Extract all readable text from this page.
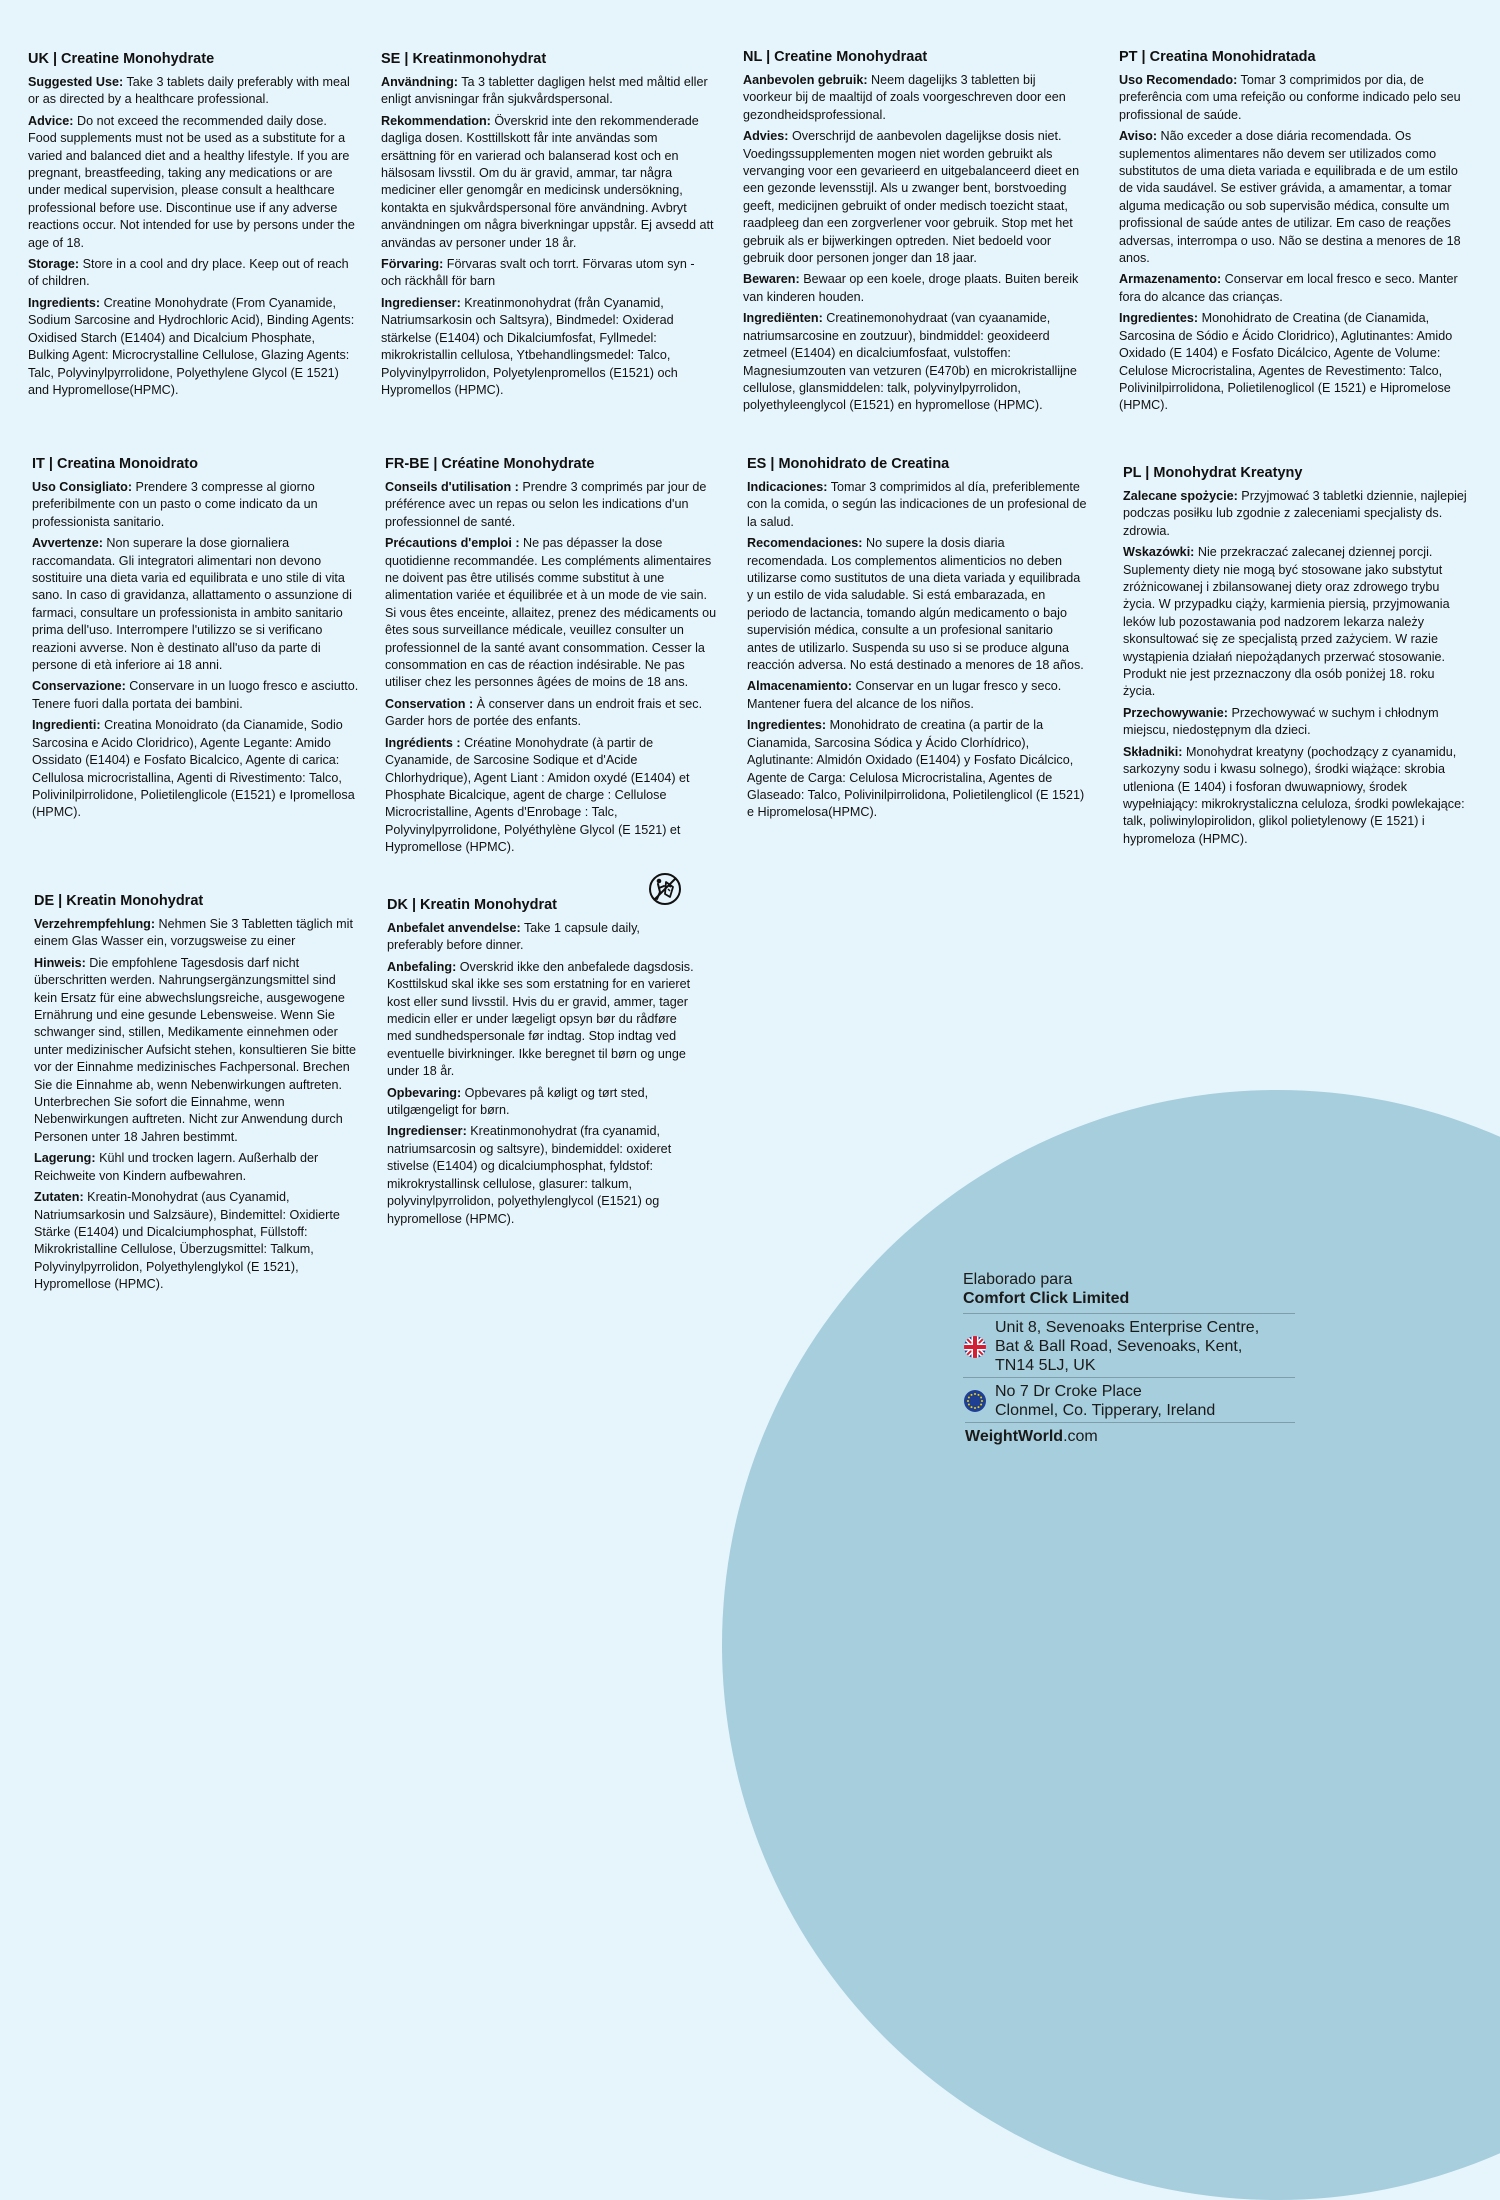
UK | Creatine Monohydrate

Suggested Use: Take 3 tablets daily preferably with meal or as directed by a healthcare professional.

Advice: Do not exceed the recommended daily dose. Food supplements must not be used as a substitute for a varied and balanced diet and a healthy lifestyle. If you are pregnant, breastfeeding, taking any medications or are under medical supervision, please consult a healthcare professional before use. Discontinue use if any adverse reactions occur. Not intended for use by persons under the age of 18.

Storage: Store in a cool and dry place. Keep out of reach of children.

Ingredients: Creatine Monohydrate (From Cyanamide, Sodium Sarcosine and Hydrochloric Acid), Binding Agents: Oxidised Starch (E1404) and Dicalcium Phosphate, Bulking Agent: Microcrystalline Cellulose, Glazing Agents: Talc, Polyvinylpyrrolidone, Polyethylene Glycol (E 1521) and Hypromellose(HPMC).

SE | Kreatinmonohydrat

Användning: Ta 3 tabletter dagligen helst med måltid eller enligt anvisningar från sjukvårdspersonal.

Rekommendation: Överskrid inte den rekommenderade dagliga dosen. Kosttillskott får inte användas som ersättning för en varierad och balanserad kost och en hälsosam livsstil. Om du är gravid, ammar, tar några mediciner eller genomgår en medicinsk undersökning, kontakta en sjukvårdspersonal före användning. Avbryt användningen om några biverkningar uppstår. Ej avsedd att användas av personer under 18 år.

Förvaring: Förvaras svalt och torrt. Förvaras utom syn - och räckhåll för barn

Ingredienser: Kreatinmonohydrat (från Cyanamid, Natriumsarkosin och Saltsyra), Bindmedel: Oxiderad stärkelse (E1404) och Dikalciumfosfat, Fyllmedel: mikrokristallin cellulosa, Ytbehandlingsmedel: Talco, Polyvinylpyrrolidon, Polyetylenpromellos (E1521) och Hypromellos (HPMC).

NL | Creatine Monohydraat

Aanbevolen gebruik: Neem dagelijks 3 tabletten bij voorkeur bij de maaltijd of zoals voorgeschreven door een gezondheidsprofessional.

Advies: Overschrijd de aanbevolen dagelijkse dosis niet. Voedingssupplementen mogen niet worden gebruikt als vervanging voor een gevarieerd en uitgebalanceerd dieet en een gezonde levensstijl. Als u zwanger bent, borstvoeding geeft, medicijnen gebruikt of onder medisch toezicht staat, raadpleeg dan een zorgverlener voor gebruik. Stop met het gebruik als er bijwerkingen optreden. Niet bedoeld voor gebruik door personen jonger dan 18 jaar.

Bewaren: Bewaar op een koele, droge plaats. Buiten bereik van kinderen houden.

Ingrediënten: Creatinemonohydraat (van cyaanamide, natriumsarcosine en zoutzuur), bindmiddel: geoxideerd zetmeel (E1404) en dicalciumfosfaat, vulstoffen: Magnesiumzouten van vetzuren (E470b) en microkristallijne cellulose, glansmiddelen: talk, polyvinylpyrrolidon, polyethyleenglycol (E1521) en hypromellose (HPMC).

PT | Creatina Monohidratada

Uso Recomendado: Tomar 3 comprimidos por dia, de preferência com uma refeição ou conforme indicado pelo seu profissional de saúde.

Aviso: Não exceder a dose diária recomendada. Os suplementos alimentares não devem ser utilizados como substitutos de uma dieta variada e equilibrada e de um estilo de vida saudável. Se estiver grávida, a amamentar, a tomar alguma medicação ou sob supervisão médica, consulte um profissional de saúde antes de utilizar. Em caso de reações adversas, interrompa o uso. Não se destina a menores de 18 anos.

Armazenamento: Conservar em local fresco e seco. Manter fora do alcance das crianças.

Ingredientes: Monohidrato de Creatina (de Cianamida, Sarcosina de Sódio e Ácido Cloridrico), Aglutinantes: Amido Oxidado (E 1404) e Fosfato Dicálcico, Agente de Volume: Celulose Microcristalina, Agentes de Revestimento: Talco, Polivinilpirrolidona, Polietilenoglicol (E 1521) e Hipromelose (HPMC).

IT | Creatina Monoidrato

Uso Consigliato: Prendere 3 compresse al giorno preferibilmente con un pasto o come indicato da un professionista sanitario.

Avvertenze: Non superare la dose giornaliera raccomandata. Gli integratori alimentari non devono sostituire una dieta varia ed equilibrata e uno stile di vita sano. In caso di gravidanza, allattamento o assunzione di farmaci, consultare un professionista in ambito sanitario prima dell'uso. Interrompere l'utilizzo se si verificano reazioni avverse. Non è destinato all'uso da parte di persone di età inferiore ai 18 anni.

Conservazione: Conservare in un luogo fresco e asciutto. Tenere fuori dalla portata dei bambini.

Ingredienti: Creatina Monoidrato (da Cianamide, Sodio Sarcosina e Acido Cloridrico), Agente Legante: Amido Ossidato (E1404) e Fosfato Bicalcico, Agente di carica: Cellulosa microcristallina, Agenti di Rivestimento: Talco, Polivinilpirrolidone, Polietilenglicole (E1521) e Ipromellosa (HPMC).

FR-BE | Créatine Monohydrate

Conseils d'utilisation : Prendre 3 comprimés par jour de préférence avec un repas ou selon les indications d'un professionnel de santé.

Précautions d'emploi : Ne pas dépasser la dose quotidienne recommandée. Les compléments alimentaires ne doivent pas être utilisés comme substitut à une alimentation variée et équilibrée et à un mode de vie sain. Si vous êtes enceinte, allaitez, prenez des médicaments ou êtes sous surveillance médicale, veuillez consulter un professionnel de la santé avant consommation. Cesser la consommation en cas de réaction indésirable. Ne pas utiliser chez les personnes âgées de moins de 18 ans.

Conservation : À conserver dans un endroit frais et sec. Garder hors de portée des enfants.

Ingrédients : Créatine Monohydrate (à partir de Cyanamide, de Sarcosine Sodique et d'Acide Chlorhydrique), Agent Liant : Amidon oxydé (E1404) et Phosphate Bicalcique, agent de charge : Cellulose Microcristalline, Agents d'Enrobage : Talc, Polyvinylpyrrolidone, Polyéthylène Glycol (E 1521) et Hypromellose (HPMC).

ES | Monohidrato de Creatina

Indicaciones: Tomar 3 comprimidos al día, preferiblemente con la comida, o según las indicaciones de un profesional de la salud.

Recomendaciones: No supere la dosis diaria recomendada. Los complementos alimenticios no deben utilizarse como sustitutos de una dieta variada y equilibrada y un estilo de vida saludable. Si está embarazada, en periodo de lactancia, tomando algún medicamento o bajo supervisión médica, consulte a un profesional sanitario antes de utilizarlo. Suspenda su uso si se produce alguna reacción adversa. No está destinado a menores de 18 años.

Almacenamiento: Conservar en un lugar fresco y seco. Mantener fuera del alcance de los niños.

Ingredientes: Monohidrato de creatina (a partir de la Cianamida, Sarcosina Sódica y Ácido Clorhídrico), Aglutinante: Almidón Oxidado (E1404) y Fosfato Dicálcico, Agente de Carga: Celulosa Microcristalina, Agentes de Glaseado: Talco, Polivinilpirrolidona, Polietilenglicol (E 1521) e Hipromelosa(HPMC).

PL | Monohydrat Kreatyny

Zalecane spożycie: Przyjmować 3 tabletki dziennie, najlepiej podczas posiłku lub zgodnie z zaleceniami specjalisty ds. zdrowia.

Wskazówki: Nie przekraczać zalecanej dziennej porcji. Suplementy diety nie mogą być stosowane jako substytut zróżnicowanej i zbilansowanej diety oraz zdrowego trybu życia. W przypadku ciąży, karmienia piersią, przyjmowania leków lub pozostawania pod nadzorem lekarza należy skonsultować się ze specjalistą przed zażyciem. W razie wystąpienia działań niepożądanych przerwać stosowanie. Produkt nie jest przeznaczony dla osób poniżej 18. roku życia.

Przechowywanie: Przechowywać w suchym i chłodnym miejscu, niedostępnym dla dzieci.

Składniki: Monohydrat kreatyny (pochodzący z cyanamidu, sarkozyny sodu i kwasu solnego), środki wiążące: skrobia utleniona (E 1404) i fosforan dwuwapniowy, środek wypełniający: mikrokrystaliczna celuloza, środki powlekające: talk, poliwinylopirolidon, glikol polietylenowy (E 1521) i hypromeloza (HPMC).

DE | Kreatin Monohydrat

Verzehrempfehlung: Nehmen Sie 3 Tabletten täglich mit einem Glas Wasser ein, vorzugsweise zu einer

Hinweis: Die empfohlene Tagesdosis darf nicht überschritten werden. Nahrungsergänzungsmittel sind kein Ersatz für eine abwechslungsreiche, ausgewogene Ernährung und eine gesunde Lebensweise. Wenn Sie schwanger sind, stillen, Medikamente einnehmen oder unter medizinischer Aufsicht stehen, konsultieren Sie bitte vor der Einnahme medizinisches Fachpersonal. Brechen Sie die Einnahme ab, wenn Nebenwirkungen auftreten. Unterbrechen Sie sofort die Einnahme, wenn Nebenwirkungen auftreten. Nicht zur Anwendung durch Personen unter 18 Jahren bestimmt.

Lagerung: Kühl und trocken lagern. Außerhalb der Reichweite von Kindern aufbewahren.

Zutaten: Kreatin-Monohydrat (aus Cyanamid, Natriumsarkosin und Salzsäure), Bindemittel: Oxidierte Stärke (E1404) und Dicalciumphosphat, Füllstoff: Mikrokristalline Cellulose, Überzugsmittel: Talkum, Polyvinylpyrrolidon, Polyethylenglykol (E 1521), Hypromellose (HPMC).

DK | Kreatin Monohydrat

Anbefalet anvendelse: Take 1 capsule daily, preferably before dinner.

Anbefaling: Overskrid ikke den anbefalede dagsdosis. Kosttilskud skal ikke ses som erstatning for en varieret kost eller sund livsstil. Hvis du er gravid, ammer, tager medicin eller er under lægeligt opsyn bør du rådføre med sundhedspersonale før indtag. Stop indtag ved eventuelle bivirkninger. Ikke beregnet til børn og unge under 18 år.

Opbevaring: Opbevares på køligt og tørt sted, utilgængeligt for børn.

Ingredienser: Kreatinmonohydrat (fra cyanamid, natriumsarcosin og saltsyre), bindemiddel: oxideret stivelse (E1404) og dicalciumphosphat, fyldstof: mikrokrystallinsk cellulose, glasurer: talkum, polyvinylpyrrolidon, polyethylenglycol (E1521) og hypromellose (HPMC).

Elaborado para

Comfort Click Limited

Unit 8, Sevenoaks Enterprise Centre,
Bat & Ball Road, Sevenoaks, Kent,
TN14 5LJ, UK
No 7 Dr Croke Place
Clonmel, Co. Tipperary, Ireland
WeightWorld.com
